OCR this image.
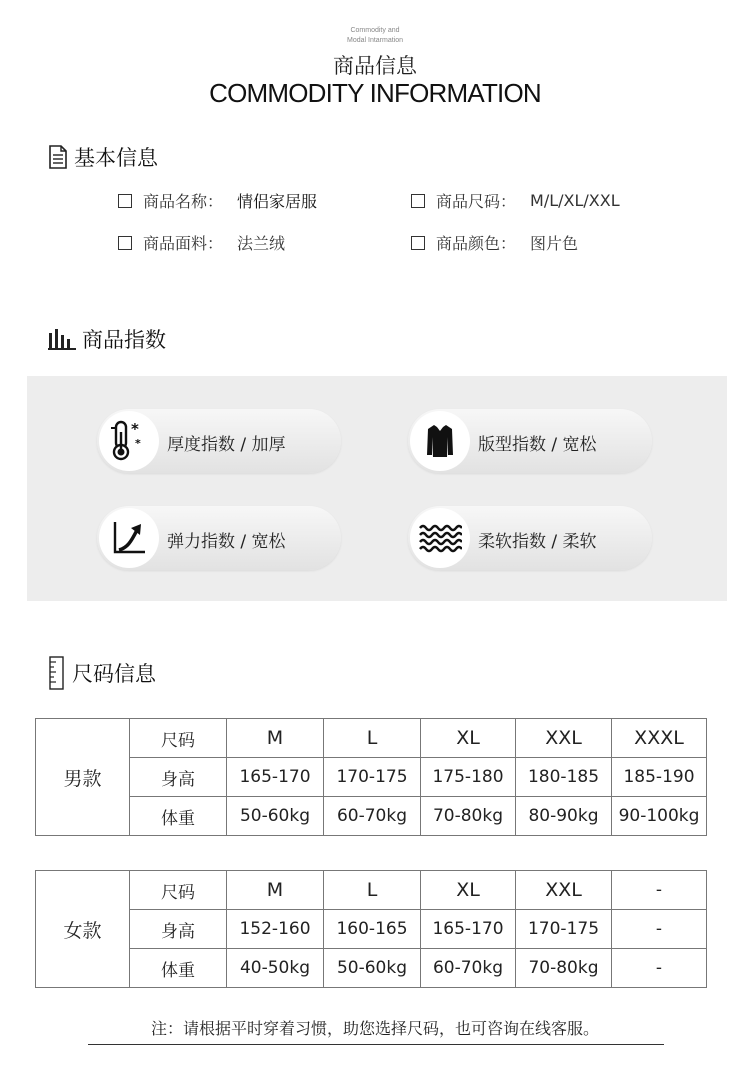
Commodity and
Modal Intarmation
商品信息
COMMODITY INFORMATION
基本信息
商品名称： 情侣家居服	商品尺码： M/L/XL/XXL
商品面料： 法兰绒	商品颜色： 图片色
商品指数
*
* 厚度指数 / 加厚	版型指数 / 宽松
弹力指数 / 宽松	柔软指数 / 柔软
尺码信息
男款	尺码	M	L	XL	XXL	XXXL
	身高	165-170	170-175	175-180	180-185	185-190
	体重	50-60kg	60-70kg	70-80kg	80-90kg	90-100kg
女款	尺码	M	L	XL	XXL	-
	身高	152-160	160-165	165-170	170-175	-
	体重	40-50kg	50-60kg	60-70kg	70-80kg	-
注：请根据平时穿着习惯，助您选择尺码，也可咨询在线客服。
